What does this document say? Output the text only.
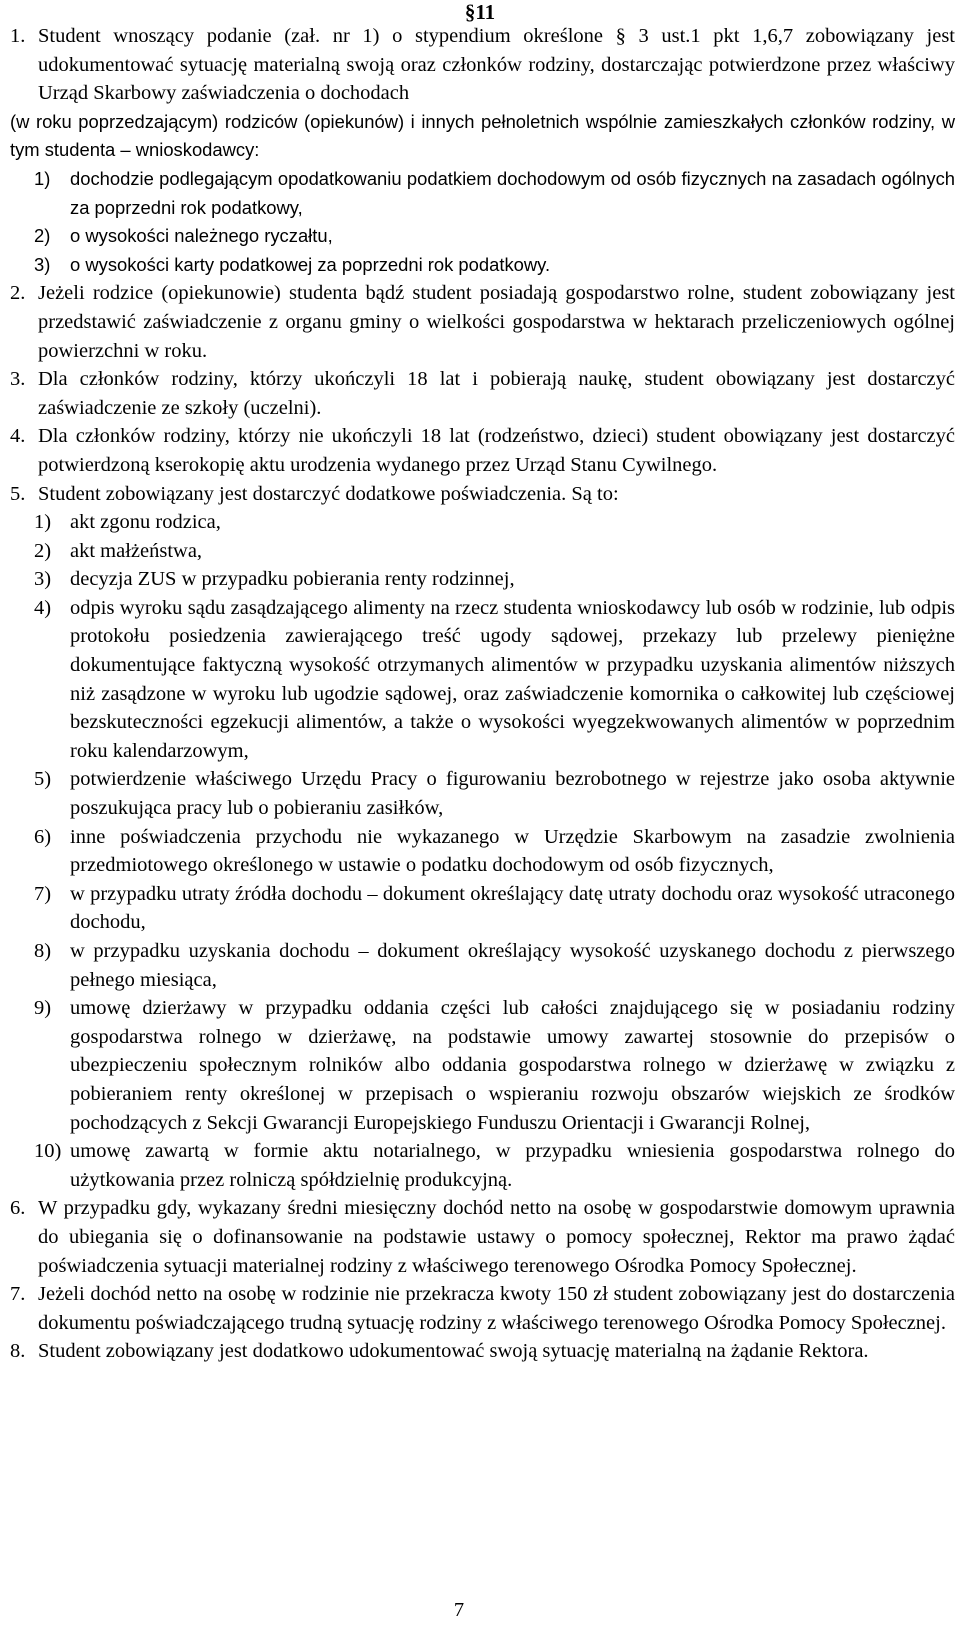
§11
1. Student wnoszący podanie (zał. nr 1) o stypendium określone § 3 ust.1 pkt 1,6,7 zobowiązany jest udokumentować sytuację materialną swoją oraz członków rodziny, dostarczając potwierdzone przez właściwy Urząd Skarbowy zaświadczenia o dochodach
(w roku poprzedzającym) rodziców (opiekunów) i innych pełnoletnich wspólnie zamieszkałych członków rodziny, w tym studenta – wnioskodawcy:
1) dochodzie podlegającym opodatkowaniu podatkiem dochodowym od osób fizycznych na zasadach ogólnych za poprzedni rok podatkowy,
2) o wysokości należnego ryczałtu,
3) o wysokości karty podatkowej za poprzedni rok podatkowy.
2. Jeżeli rodzice (opiekunowie) studenta bądź student posiadają gospodarstwo rolne, student zobowiązany jest przedstawić zaświadczenie z organu gminy o wielkości gospodarstwa w hektarach przeliczeniowych ogólnej powierzchni w roku.
3. Dla członków rodziny, którzy ukończyli 18 lat i pobierają naukę, student obowiązany jest dostarczyć zaświadczenie ze szkoły (uczelni).
4. Dla członków rodziny, którzy nie ukończyli 18 lat (rodzeństwo, dzieci) student obowiązany jest dostarczyć potwierdzoną kserokopię aktu urodzenia wydanego przez Urząd Stanu Cywilnego.
5. Student zobowiązany jest dostarczyć dodatkowe poświadczenia. Są to:
1) akt zgonu rodzica,
2) akt małżeństwa,
3) decyzja ZUS w przypadku pobierania renty rodzinnej,
4) odpis wyroku sądu zasądzającego alimenty na rzecz studenta wnioskodawcy lub osób w rodzinie, lub odpis protokołu posiedzenia zawierającego treść ugody sądowej, przekazy lub przelewy pieniężne dokumentujące faktyczną wysokość otrzymanych alimentów w przypadku uzyskania alimentów niższych niż zasądzone w wyroku lub ugodzie sądowej, oraz zaświadczenie komornika o całkowitej lub częściowej bezskuteczności egzekucji alimentów, a także o wysokości wyegzekwowanych alimentów w poprzednim roku kalendarzowym,
5) potwierdzenie właściwego Urzędu Pracy o figurowaniu bezrobotnego w rejestrze jako osoba aktywnie poszukująca pracy lub o pobieraniu zasiłków,
6) inne poświadczenia przychodu nie wykazanego w Urzędzie Skarbowym na zasadzie zwolnienia przedmiotowego określonego w ustawie o podatku dochodowym od osób fizycznych,
7) w przypadku utraty źródła dochodu – dokument określający datę utraty dochodu oraz wysokość utraconego dochodu,
8) w przypadku uzyskania dochodu – dokument określający wysokość uzyskanego dochodu z pierwszego pełnego miesiąca,
9) umowę dzierżawy w przypadku oddania części lub całości znajdującego się w posiadaniu rodziny gospodarstwa rolnego w dzierżawę, na podstawie umowy zawartej stosownie do przepisów o ubezpieczeniu społecznym rolników albo oddania gospodarstwa rolnego w dzierżawę w związku z pobieraniem renty określonej w przepisach o wspieraniu rozwoju obszarów wiejskich ze środków pochodzących z Sekcji Gwarancji Europejskiego Funduszu Orientacji i Gwarancji Rolnej,
10) umowę zawartą w formie aktu notarialnego, w przypadku wniesienia gospodarstwa rolnego do użytkowania przez rolniczą spółdzielnię produkcyjną.
6. W przypadku gdy, wykazany średni miesięczny dochód netto na osobę w gospodarstwie domowym uprawnia do ubiegania się o dofinansowanie na podstawie ustawy o pomocy społecznej, Rektor ma prawo żądać poświadczenia sytuacji materialnej rodziny z właściwego terenowego Ośrodka Pomocy Społecznej.
7. Jeżeli dochód netto na osobę w rodzinie nie przekracza kwoty 150 zł student zobowiązany jest do dostarczenia dokumentu poświadczającego trudną sytuację rodziny z właściwego terenowego Ośrodka Pomocy Społecznej.
8. Student zobowiązany jest dodatkowo udokumentować swoją sytuację materialną na żądanie Rektora.
7
